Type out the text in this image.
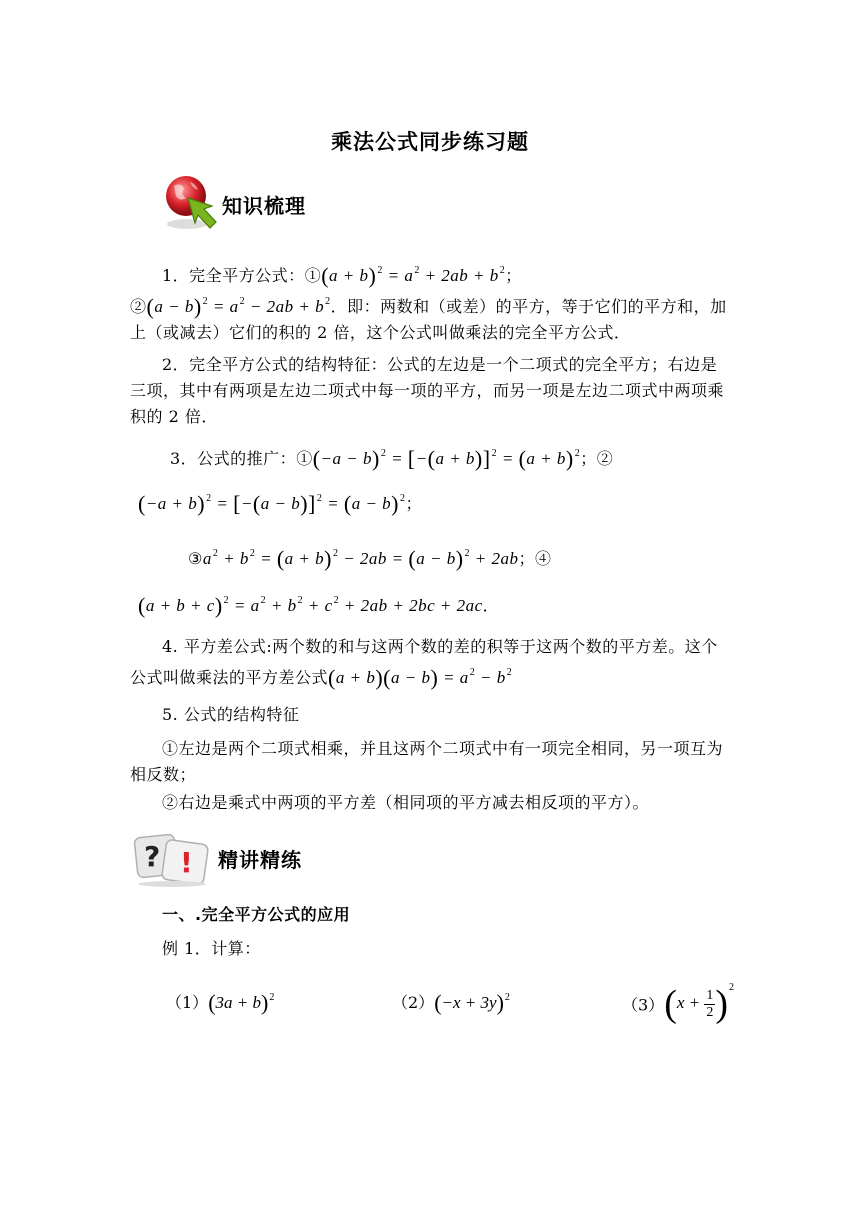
乘法公式同步练习题
知识梳理
1．完全平方公式：①(a + $b)^2 = a^2 + 2ab + b^2$；②(a − $b)^2 = a^2 - 2ab + b^2$．即：两数和（或差）的平方，等于它们的平方和，加上（或减去）它们的积的 2 倍，这个公式叫做乘法的完全平方公式．
2．完全平方公式的结构特征：公式的左边是一个二项式的完全平方；右边是三项，其中有两项是左边二项式中每一项的平方，而另一项是左边二项式中两项乘积的 2 倍．
3．公式的推广：①(−a − $b)^2 = [-(a + b)]^2 = (a + b)^2$；②
$(-a + b)^2 = [-(a - b)]^2 = (a - b)^2$；
$③a^2 + b^2 = (a + b)^2 - 2ab = (a - b)^2 + 2ab$；④
$(a + b + c)^2 = a^2 + b^2 + c^2 + 2ab + 2bc + 2ac$．
4. 平方差公式:两个数的和与这两个数的差的积等于这两个数的平方差。这个公式叫做乘法的平方差公式$(a + b)(a - b) = a^2 - b^2$
5. 公式的结构特征
①左边是两个二项式相乘，并且这两个二项式中有一项完全相同，另一项互为相反数；
②右边是乘式中两项的平方差（相同项的平方减去相反项的平方）。
? ! 精讲精练
一、.完全平方公式的应用
例 1．计算：
$(1)(3a + b)^2$	$(2)(-x + 3y)^2$	$(3)(x + \frac{1}{2} )^2$
